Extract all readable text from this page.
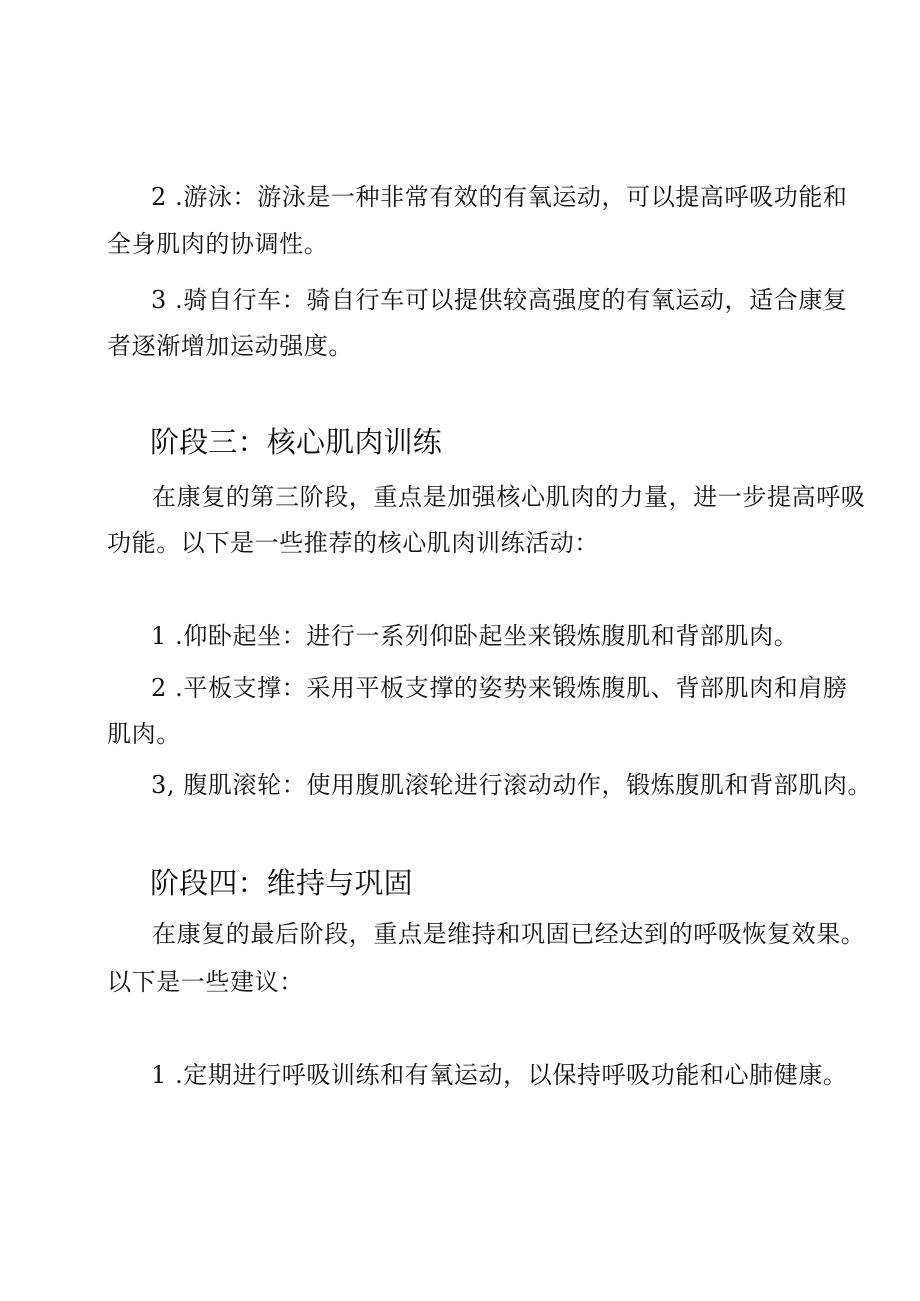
2 .游泳：游泳是一种非常有效的有氧运动，可以提高呼吸功能和
全身肌肉的协调性。
3 .骑自行车：骑自行车可以提供较高强度的有氧运动，适合康复
者逐渐增加运动强度。
阶段三：核心肌肉训练
在康复的第三阶段，重点是加强核心肌肉的力量，进一步提高呼吸
功能。以下是一些推荐的核心肌肉训练活动：
1 .仰卧起坐：进行一系列仰卧起坐来锻炼腹肌和背部肌肉。
2 .平板支撑：采用平板支撑的姿势来锻炼腹肌、背部肌肉和肩膀
肌肉。
3, 腹肌滚轮：使用腹肌滚轮进行滚动动作，锻炼腹肌和背部肌肉。
阶段四：维持与巩固
在康复的最后阶段，重点是维持和巩固已经达到的呼吸恢复效果。
以下是一些建议：
1 .定期进行呼吸训练和有氧运动，以保持呼吸功能和心肺健康。
